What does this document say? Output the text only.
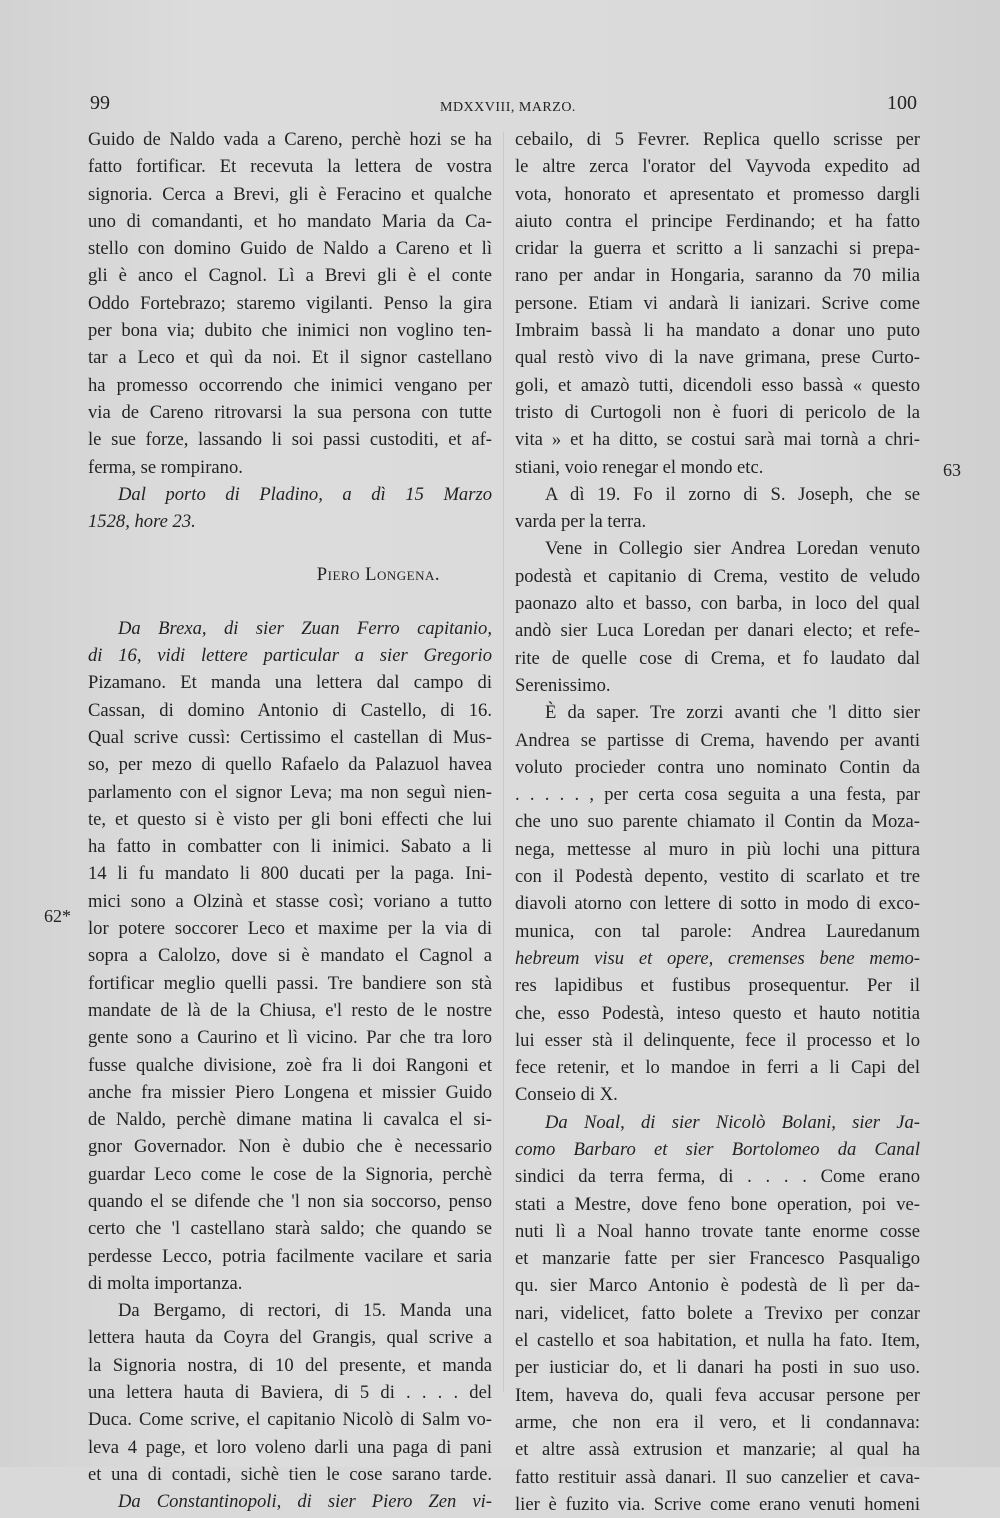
99	MDXXVIII, MARZO.	100
62*
63
Guido de Naldo vada a Careno, perchè hozi se ha
fatto fortificar. Et recevuta la lettera de vostra
signoria. Cerca a Brevi, gli è Feracino et qualche
uno di comandanti, et ho mandato Maria da Ca-
stello con domino Guido de Naldo a Careno et lì
gli è anco el Cagnol. Lì a Brevi gli è el conte
Oddo Fortebrazo; staremo vigilanti. Penso la gira
per bona via; dubito che inimici non voglino ten-
tar a Leco et quì da noi. Et il signor castellano
ha promesso occorrendo che inimici vengano per
via de Careno ritrovarsi la sua persona con tutte
le sue forze, lassando li soi passi custoditi, et af-
ferma, se rompirano.
Dal porto di Pladino, a dì 15 Marzo
1528, hore 23.
Piero Longena.
Da Brexa, di sier Zuan Ferro capitanio,
di 16, vidi lettere particular a sier Gregorio
Pizamano. Et manda una lettera dal campo di
Cassan, di domino Antonio di Castello, di 16.
Qual scrive cussì: Certissimo el castellan di Mus-
so, per mezo di quello Rafaelo da Palazuol havea
parlamento con el signor Leva; ma non seguì nien-
te, et questo si è visto per gli boni effecti che lui
ha fatto in combatter con li inimici. Sabato a li
14 li fu mandato li 800 ducati per la paga. Ini-
mici sono a Olzinà et stasse così; voriano a tutto
lor potere soccorer Leco et maxime per la via di
sopra a Calolzo, dove si è mandato el Cagnol a
fortificar meglio quelli passi. Tre bandiere son stà
mandate de là de la Chiusa, e'l resto de le nostre
gente sono a Caurino et lì vicino. Par che tra loro
fusse qualche divisione, zoè fra li doi Rangoni et
anche fra missier Piero Longena et missier Guido
de Naldo, perchè dimane matina li cavalca el si-
gnor Governador. Non è dubio che è necessario
guardar Leco come le cose de la Signoria, perchè
quando el se difende che 'l non sia soccorso, penso
certo che 'l castellano starà saldo; che quando se
perdesse Lecco, potria facilmente vacilare et saria
di molta importanza.
Da Bergamo, di rectori, di 15. Manda una
lettera hauta da Coyra del Grangis, qual scrive a
la Signoria nostra, di 10 del presente, et manda
una lettera hauta di Baviera, di 5 di . . . . del
Duca. Come scrive, el capitanio Nicolò di Salm vo-
leva 4 page, et loro voleno darli una paga di pani
et una di contadi, sichè tien le cose sarano tarde.
Da Constantinopoli, di sier Piero Zen vi-
cebailo, di 5 Fevrer. Replica quello scrisse per
le altre zerca l'orator del Vayvoda expedito ad
vota, honorato et apresentato et promesso dargli
aiuto contra el principe Ferdinando; et ha fatto
cridar la guerra et scritto a li sanzachi si prepa-
rano per andar in Hongaria, saranno da 70 milia
persone. Etiam vi andarà li ianizari. Scrive come
Imbraim bassà li ha mandato a donar uno puto
qual restò vivo di la nave grimana, prese Curto-
goli, et amazò tutti, dicendoli esso bassà « questo
tristo di Curtogoli non è fuori di pericolo de la
vita » et ha ditto, se costui sarà mai tornà a chri-
stiani, voio renegar el mondo etc.
A dì 19. Fo il zorno di S. Joseph, che se
varda per la terra.
Vene in Collegio sier Andrea Loredan venuto
podestà et capitanio di Crema, vestito de veludo
paonazo alto et basso, con barba, in loco del qual
andò sier Luca Loredan per danari electo; et refe-
rite de quelle cose di Crema, et fo laudato dal
Serenissimo.
È da saper. Tre zorzi avanti che 'l ditto sier
Andrea se partisse di Crema, havendo per avanti
voluto procieder contra uno nominato Contin da
. . . . . , per certa cosa seguita a una festa, par
che uno suo parente chiamato il Contin da Moza-
nega, mettesse al muro in più lochi una pittura
con il Podestà depento, vestito di scarlato et tre
diavoli atorno con lettere di sotto in modo di exco-
munica, con tal parole: Andrea Lauredanum
hebreum visu et opere, cremenses bene memo-
res lapidibus et fustibus prosequentur. Per il
che, esso Podestà, inteso questo et hauto notitia
lui esser stà il delinquente, fece il processo et lo
fece retenir, et lo mandoe in ferri a li Capi del
Conseio di X.
Da Noal, di sier Nicolò Bolani, sier Ja-
como Barbaro et sier Bortolomeo da Canal
sindici da terra ferma, di . . . . Come erano
stati a Mestre, dove feno bone operation, poi ve-
nuti lì a Noal hanno trovate tante enorme cosse
et manzarie fatte per sier Francesco Pasqualigo
qu. sier Marco Antonio è podestà de lì per da-
nari, videlicet, fatto bolete a Trevixo per conzar
el castello et soa habitation, et nulla ha fato. Item,
per iusticiar do, et li danari ha posti in suo uso.
Item, haveva do, quali feva accusar persone per
arme, che non era il vero, et li condannava:
et altre assà extrusion et manzarie; al qual ha
fatto restituir assà danari. Il suo canzelier et cava-
lier è fuzito via. Scrive come erano venuti homeni
